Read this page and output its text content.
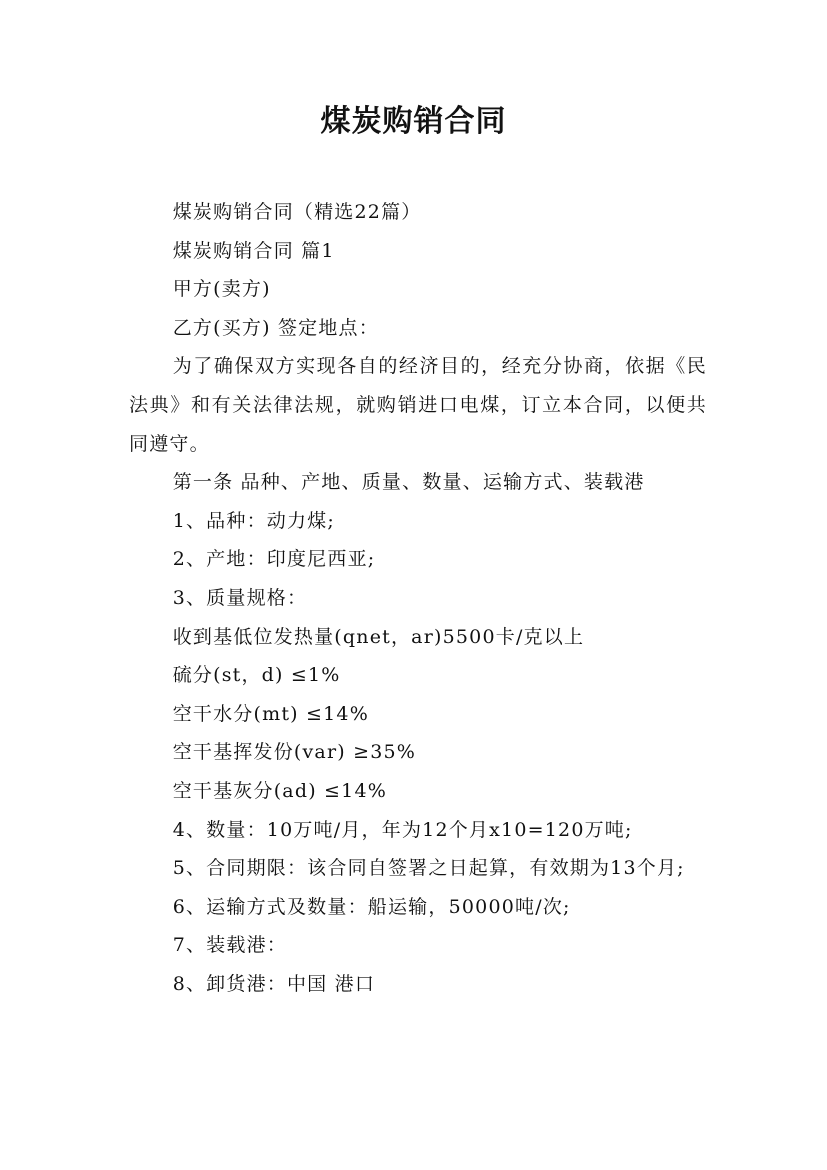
煤炭购销合同

煤炭购销合同（精选22篇）

煤炭购销合同 篇1

甲方(卖方)

乙方(买方) 签定地点：

为了确保双方实现各自的经济目的，经充分协商，依据《民法典》和有关法律法规，就购销进口电煤，订立本合同，以便共同遵守。

第一条 品种、产地、质量、数量、运输方式、装载港

1、品种：动力煤;

2、产地：印度尼西亚;

3、质量规格：

收到基低位发热量(qnet，ar)5500卡/克以上

硫分(st，d) ≤1%

空干水分(mt) ≤14%

空干基挥发份(var) ≥35%

空干基灰分(ad) ≤14%

4、数量：10万吨/月，年为12个月x10=120万吨;

5、合同期限：该合同自签署之日起算，有效期为13个月;

6、运输方式及数量：船运输，50000吨/次;

7、装载港：

8、卸货港：中国 港口
